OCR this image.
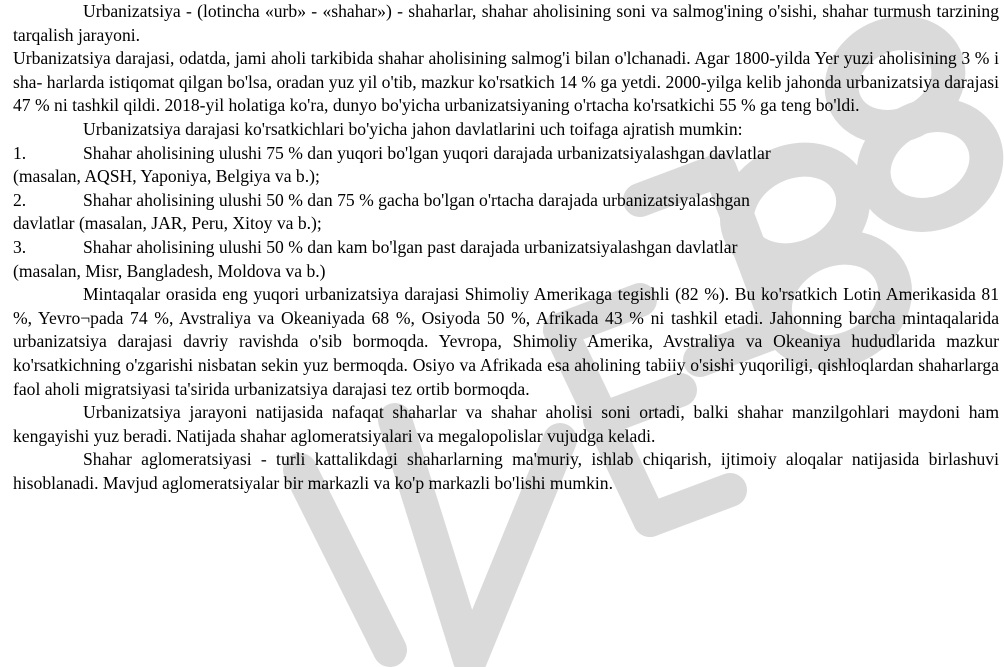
Urbanizatsiya - (lotincha «urb» - «shahar») - shaharlar, shahar aholisining soni va salmog'ining o'sishi, shahar turmush tarzining tarqalish jarayoni.

Urbanizatsiya darajasi, odatda, jami aholi tarkibida shahar aholisining salmog'i bilan o'lchanadi. Agar 1800-yilda Yer yuzi aholisining 3 % i sha- harlarda istiqomat qilgan bo'lsa, oradan yuz yil o'tib, mazkur ko'rsatkich 14 % ga yetdi. 2000-yilga kelib jahonda urbanizatsiya darajasi 47 % ni tashkil qildi. 2018-yil holatiga ko'ra, dunyo bo'yicha urbanizatsiyaning o'rtacha ko'rsatkichi 55 % ga teng bo'ldi.

Urbanizatsiya darajasi ko'rsatkichlari bo'yicha jahon davlatlarini uch toifaga ajratish mumkin:

1.	Shahar aholisining ulushi 75 % dan yuqori bo'lgan yuqori darajada urbanizatsiyalashgan davlatlar
(masalan, AQSH, Yaponiya, Belgiya va b.);
2.	Shahar aholisining ulushi 50 % dan 75 % gacha bo'lgan o'rtacha darajada urbanizatsiyalashgan
davlatlar (masalan, JAR, Peru, Xitoy va b.);
3.	Shahar aholisining ulushi 50 % dan kam bo'lgan past darajada urbanizatsiyalashgan davlatlar
(masalan, Misr, Bangladesh, Moldova va b.)

Mintaqalar orasida eng yuqori urbanizatsiya darajasi Shimoliy Amerikaga tegishli (82 %). Bu ko'rsatkich Lotin Amerikasida 81 %, Yevro¬pada 74 %, Avstraliya va Okeaniyada 68 %, Osiyoda 50 %, Afrikada 43 % ni tashkil etadi. Jahonning barcha mintaqalarida urbanizatsiya darajasi davriy ravishda o'sib bormoqda. Yevropa, Shimoliy Amerika, Avstraliya va Okeaniya hududlarida mazkur ko'rsatkichning o'zgarishi nisbatan sekin yuz bermoqda. Osiyo va Afrikada esa aholining tabiiy o'sishi yuqoriligi, qishloqlardan shaharlarga faol aholi migratsiyasi ta'sirida urbanizatsiya darajasi tez ortib bormoqda.

Urbanizatsiya jarayoni natijasida nafaqat shaharlar va shahar aholisi soni ortadi, balki shahar manzilgohlari maydoni ham kengayishi yuz beradi. Natijada shahar aglomeratsiyalari va megalopolislar vujudga keladi.

Shahar aglomeratsiyasi - turli kattalikdagi shaharlarning ma'muriy, ishlab chiqarish, ijtimoiy aloqalar natijasida birlashuvi hisoblanadi. Mavjud aglomeratsiyalar bir markazli va ko'p markazli bo'lishi mumkin.
